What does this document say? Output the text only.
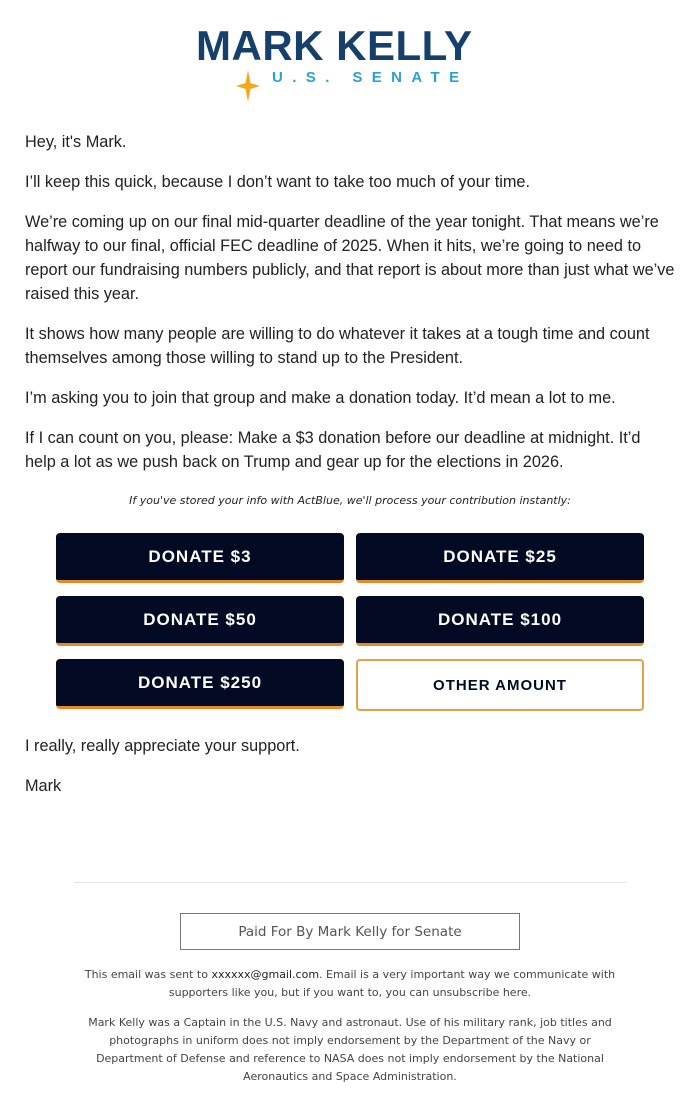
MARK KELLY
U.S. SENATE

Hey, it's Mark.

I’ll keep this quick, because I don’t want to take too much of your time.

We’re coming up on our final mid-quarter deadline of the year tonight. That means we’re halfway to our final, official FEC deadline of 2025. When it hits, we’re going to need to report our fundraising numbers publicly, and that report is about more than just what we’ve raised this year.

It shows how many people are willing to do whatever it takes at a tough time and count themselves among those willing to stand up to the President.

I’m asking you to join that group and make a donation today. It’d mean a lot to me.

If I can count on you, please: Make a $3 donation before our deadline at midnight. It’d help a lot as we push back on Trump and gear up for the elections in 2026.

If you've stored your info with ActBlue, we'll process your contribution instantly:
DONATE $3	DONATE $25
DONATE $50	DONATE $100
DONATE $250	OTHER AMOUNT

I really, really appreciate your support.

Mark

Paid For By Mark Kelly for Senate
This email was sent to xxxxxx@gmail.com. Email is a very important way we communicate with supporters like you, but if you want to, you can unsubscribe here.
Mark Kelly was a Captain in the U.S. Navy and astronaut. Use of his military rank, job titles and photographs in uniform does not imply endorsement by the Department of the Navy or Department of Defense and reference to NASA does not imply endorsement by the National Aeronautics and Space Administration.
